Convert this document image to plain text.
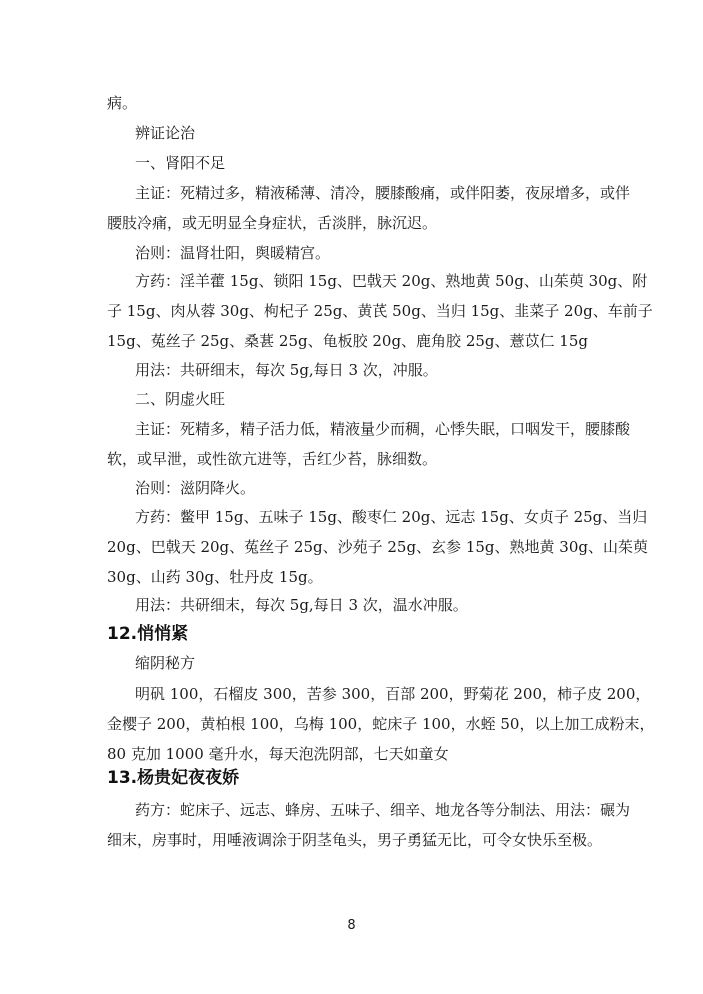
病。
辨证论治
一、肾阳不足
主证：死精过多，精液稀薄、清冷，腰膝酸痛，或伴阳萎，夜尿增多，或伴
腰肢冷痛，或无明显全身症状，舌淡胖，脉沉迟。
治则：温肾壮阳，舆暖精宫。
方药：淫羊藿 15g、锁阳 15g、巴戟天 20g、熟地黄 50g、山茱萸 30g、附
子 15g、肉从蓉 30g、枸杞子 25g、黄芪 50g、当归 15g、韭菜子 20g、车前子
15g、菟丝子 25g、桑葚 25g、龟板胶 20g、鹿角胶 25g、薏苡仁 15g
用法：共研细末，每次 5g,每日 3 次，冲服。
二、阴虚火旺
主证：死精多，精子活力低，精液量少而稠，心悸失眠，口咽发干，腰膝酸
软，或早泄，或性欲亢进等，舌红少苔，脉细数。
治则：滋阴降火。
方药：鳖甲 15g、五味子 15g、酸枣仁 20g、远志 15g、女贞子 25g、当归
20g、巴戟天 20g、菟丝子 25g、沙苑子 25g、玄参 15g、熟地黄 30g、山茱萸
30g、山药 30g、牡丹皮 15g。
用法：共研细末，每次 5g,每日 3 次，温水冲服。
12.悄悄紧
缩阴秘方
明矾 100，石榴皮 300，苦参 300，百部 200，野菊花 200，柿子皮 200，
金樱子 200，黄柏根 100，乌梅 100，蛇床子 100，水蛭 50，以上加工成粉末，
80 克加 1000 毫升水，每天泡洗阴部，七天如童女
13.杨贵妃夜夜娇
药方：蛇床子、远志、蜂房、五味子、细辛、地龙各等分制法、用法：碾为
细末，房事时，用唾液调涂于阴茎龟头，男子勇猛无比，可令女快乐至极。
8
